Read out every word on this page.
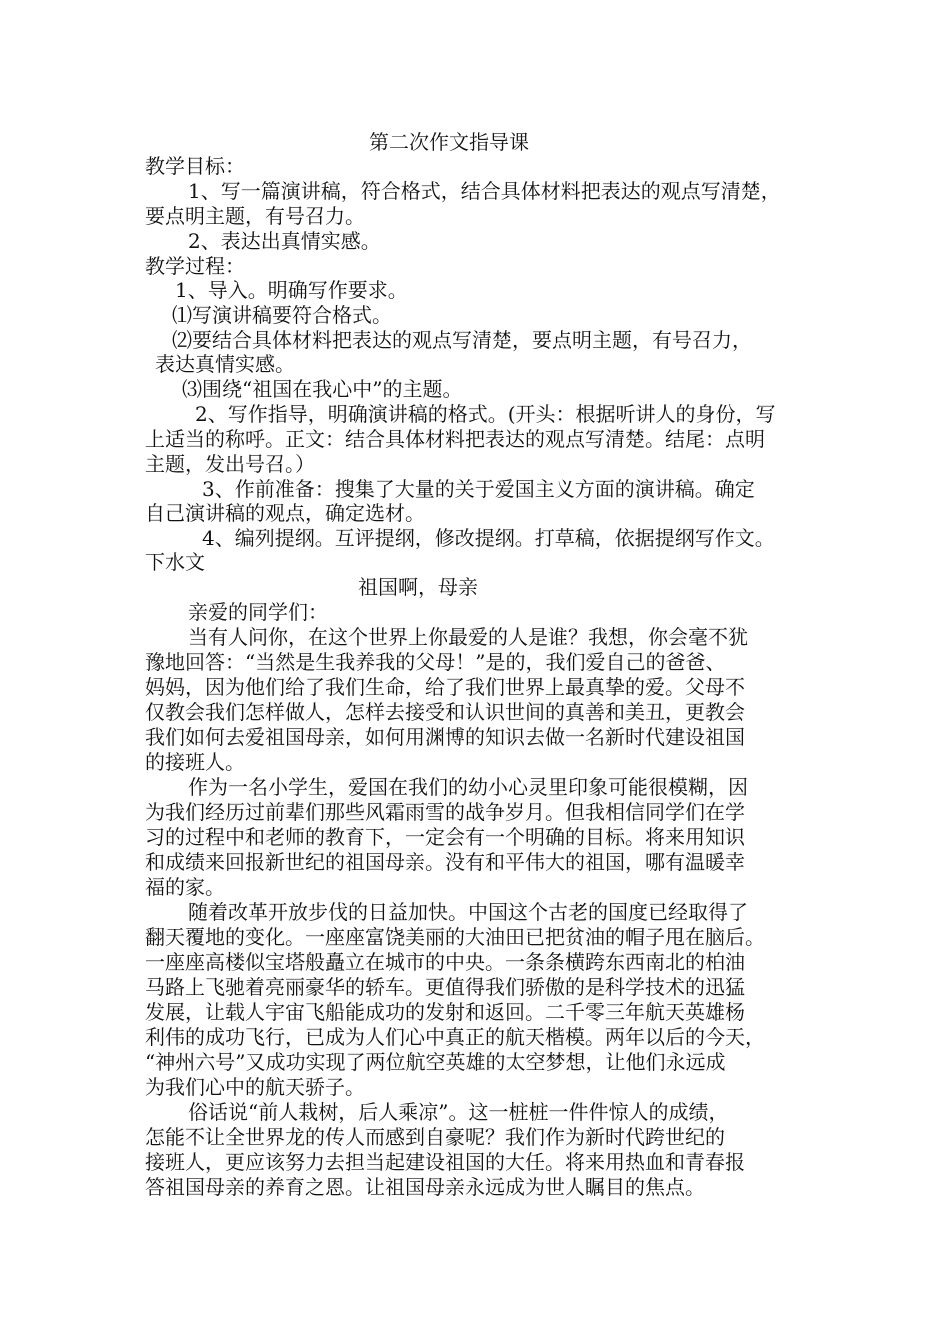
第二次作文指导课
教学目标：
1、写一篇演讲稿，符合格式，结合具体材料把表达的观点写清楚，
要点明主题，有号召力。
2、表达出真情实感。
教学过程：
1、导入。明确写作要求。
⑴写演讲稿要符合格式。
⑵要结合具体材料把表达的观点写清楚，要点明主题，有号召力，
表达真情实感。
⑶围绕“祖国在我心中”的主题。
2、写作指导，明确演讲稿的格式。(开头：根据听讲人的身份，写
上适当的称呼。正文：结合具体材料把表达的观点写清楚。结尾：点明
主题，发出号召。）
3、作前准备：搜集了大量的关于爱国主义方面的演讲稿。确定
自己演讲稿的观点，确定选材。
4、编列提纲。互评提纲，修改提纲。打草稿，依据提纲写作文。
下水文
祖国啊，母亲
亲爱的同学们：
当有人问你，在这个世界上你最爱的人是谁？我想，你会毫不犹
豫地回答：“当然是生我养我的父母！”是的，我们爱自己的爸爸、
妈妈，因为他们给了我们生命，给了我们世界上最真挚的爱。父母不
仅教会我们怎样做人，怎样去接受和认识世间的真善和美丑，更教会
我们如何去爱祖国母亲，如何用渊博的知识去做一名新时代建设祖国
的接班人。
作为一名小学生，爱国在我们的幼小心灵里印象可能很模糊，因
为我们经历过前辈们那些风霜雨雪的战争岁月。但我相信同学们在学
习的过程中和老师的教育下，一定会有一个明确的目标。将来用知识
和成绩来回报新世纪的祖国母亲。没有和平伟大的祖国，哪有温暖幸
福的家。
随着改革开放步伐的日益加快。中国这个古老的国度已经取得了
翻天覆地的变化。一座座富饶美丽的大油田已把贫油的帽子甩在脑后。
一座座高楼似宝塔般矗立在城市的中央。一条条横跨东西南北的柏油
马路上飞驰着亮丽豪华的轿车。更值得我们骄傲的是科学技术的迅猛
发展，让载人宇宙飞船能成功的发射和返回。二千零三年航天英雄杨
利伟的成功飞行，已成为人们心中真正的航天楷模。两年以后的今天，
“神州六号”又成功实现了两位航空英雄的太空梦想，让他们永远成
为我们心中的航天骄子。
俗话说“前人栽树，后人乘凉”。这一桩桩一件件惊人的成绩，
怎能不让全世界龙的传人而感到自豪呢？我们作为新时代跨世纪的
接班人，更应该努力去担当起建设祖国的大任。将来用热血和青春报
答祖国母亲的养育之恩。让祖国母亲永远成为世人瞩目的焦点。
